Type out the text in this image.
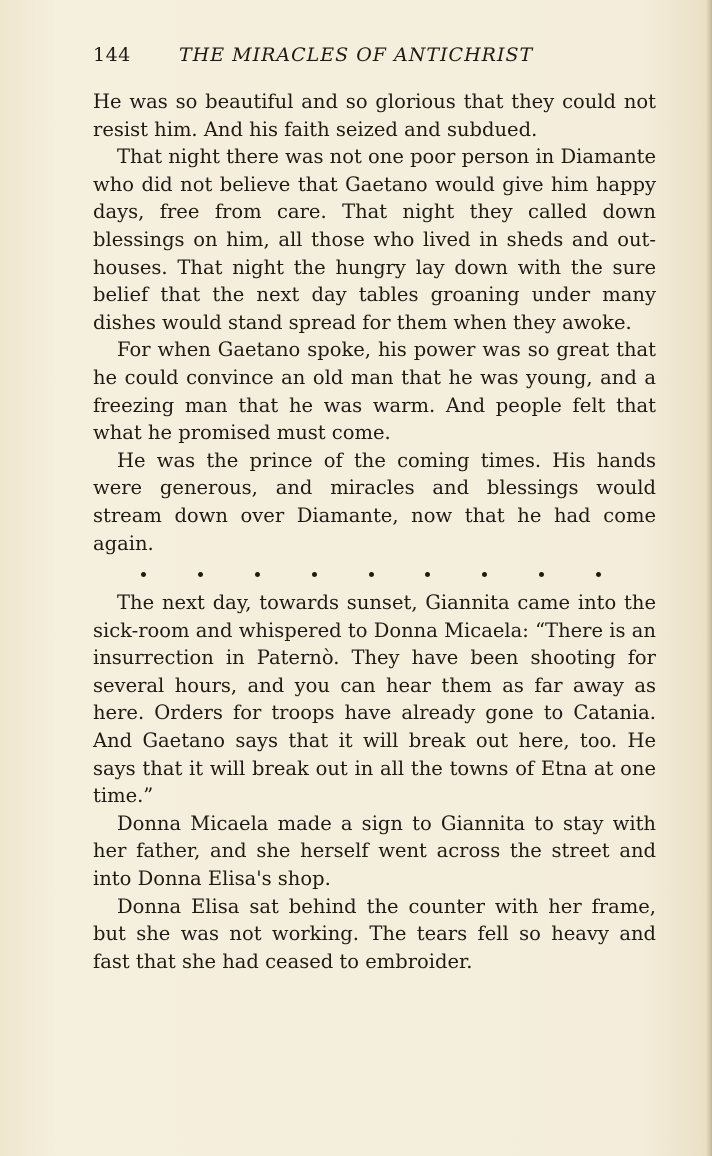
144	THE MIRACLES OF ANTICHRIST

He was so beautiful and so glorious that they could not resist him. And his faith seized and subdued.

That night there was not one poor person in Diamante who did not believe that Gaetano would give him happy days, free from care. That night they called down blessings on him, all those who lived in sheds and out-houses. That night the hungry lay down with the sure belief that the next day tables groaning under many dishes would stand spread for them when they awoke.

For when Gaetano spoke, his power was so great that he could convince an old man that he was young, and a freezing man that he was warm. And people felt that what he promised must come.

He was the prince of the coming times. His hands were generous, and miracles and blessings would stream down over Diamante, now that he had come again.

The next day, towards sunset, Giannita came into the sick-room and whispered to Donna Micaela: “There is an insurrection in Paternò. They have been shooting for several hours, and you can hear them as far away as here. Orders for troops have already gone to Catania. And Gaetano says that it will break out here, too. He says that it will break out in all the towns of Etna at one time.”

Donna Micaela made a sign to Giannita to stay with her father, and she herself went across the street and into Donna Elisa's shop.

Donna Elisa sat behind the counter with her frame, but she was not working. The tears fell so heavy and fast that she had ceased to embroider.
